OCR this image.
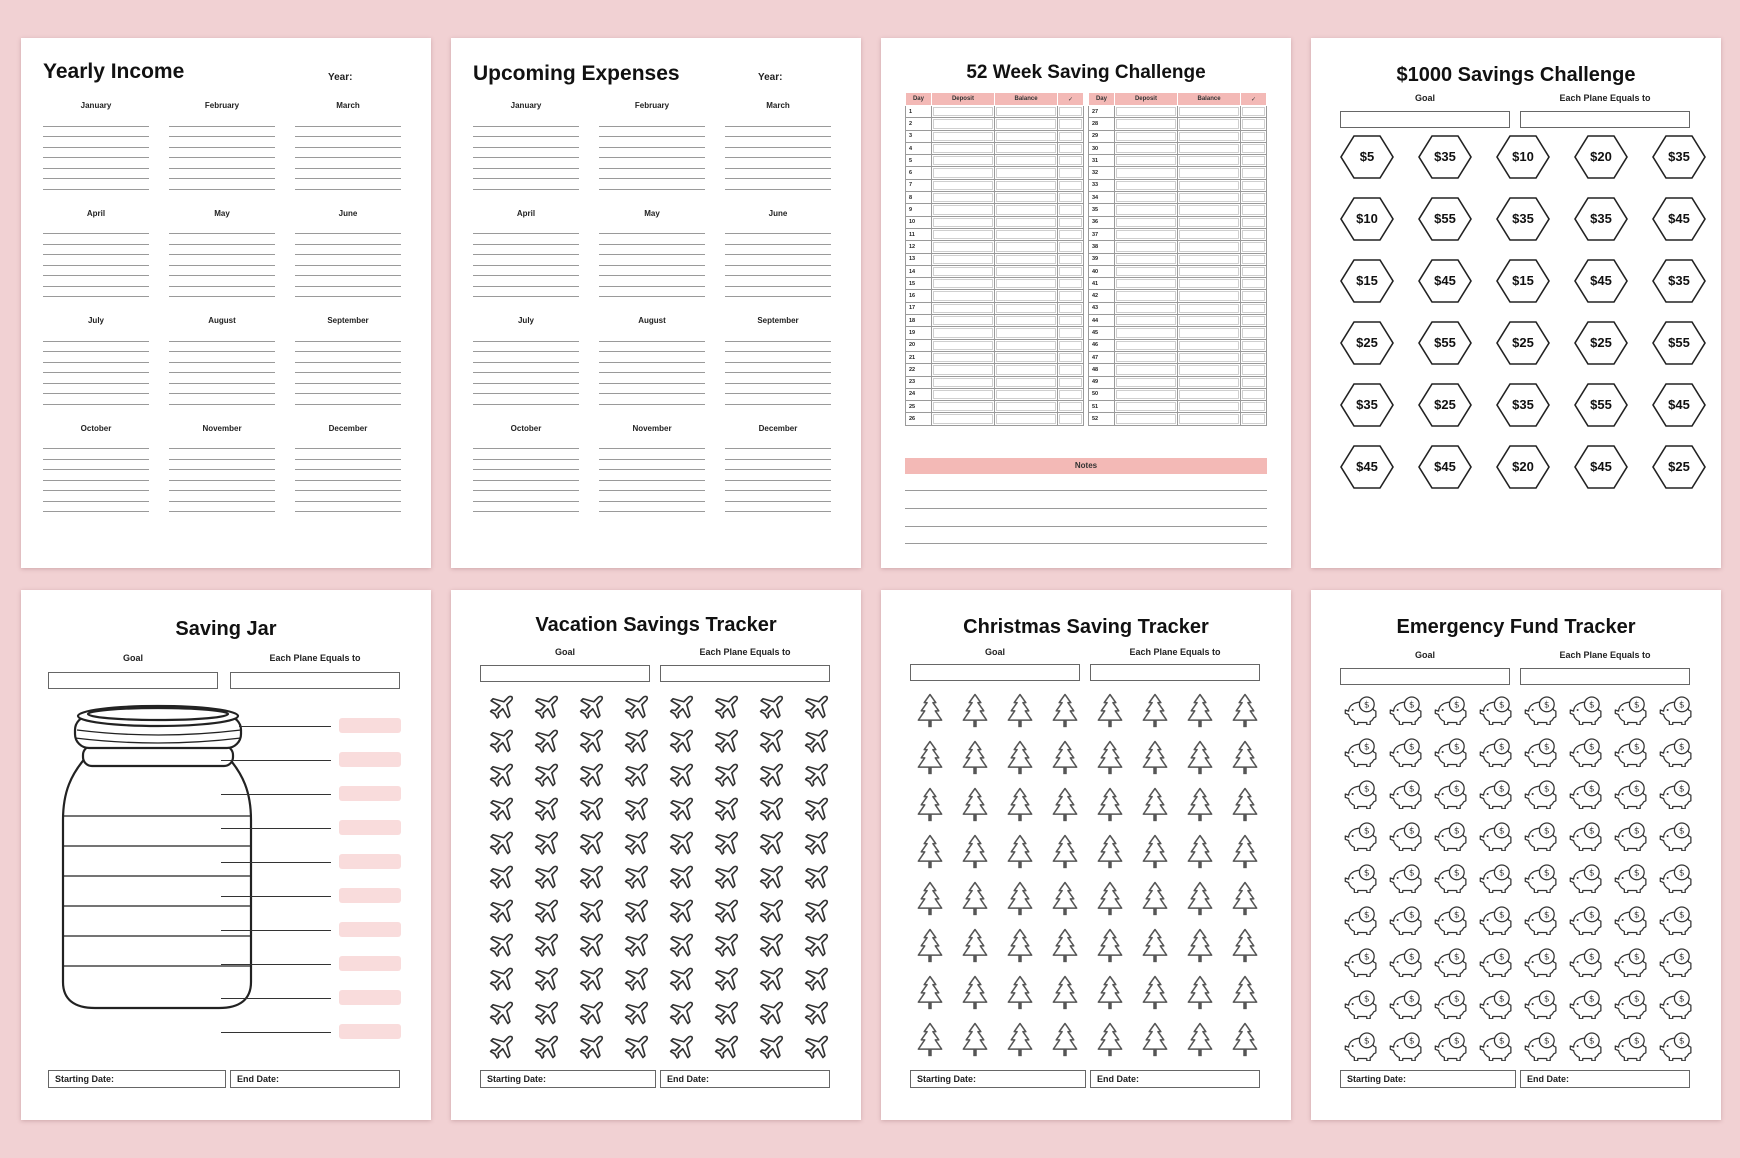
Yearly Income	Year:
January	February	March
April	May	June
July	August	September
October	November	December
Upcoming Expenses	Year:
January	February	March
April	May	June
July	August	September
October	November	December
52 Week Saving Challenge
Day	Deposit	Balance	✓
1			
2			
3			
4			
5			
6			
7			
8			
9			
10			
11			
12			
13			
14			
15			
16			
17			
18			
19			
20			
21			
22			
23			
24			
25			
26			
Day	Deposit	Balance	✓
27			
28			
29			
30			
31			
32			
33			
34			
35			
36			
37			
38			
39			
40			
41			
42			
43			
44			
45			
46			
47			
48			
49			
50			
51			
52			
Notes
$1000 Savings Challenge
Goal	Each Plane Equals to
$5	$35	$10	$20	$35
$10	$55	$35	$35	$45
$15	$45	$15	$45	$35
$25	$55	$25	$25	$55
$35	$25	$35	$55	$45
$45	$45	$20	$45	$25
Saving Jar
Goal	Each Plane Equals to
Starting Date:	End Date:
Vacation Savings Tracker
Goal	Each Plane Equals to
Starting Date:	End Date:
Christmas Saving Tracker
Goal	Each Plane Equals to
Starting Date:	End Date:
Emergency Fund Tracker
Goal	Each Plane Equals to
Starting Date:	End Date:
